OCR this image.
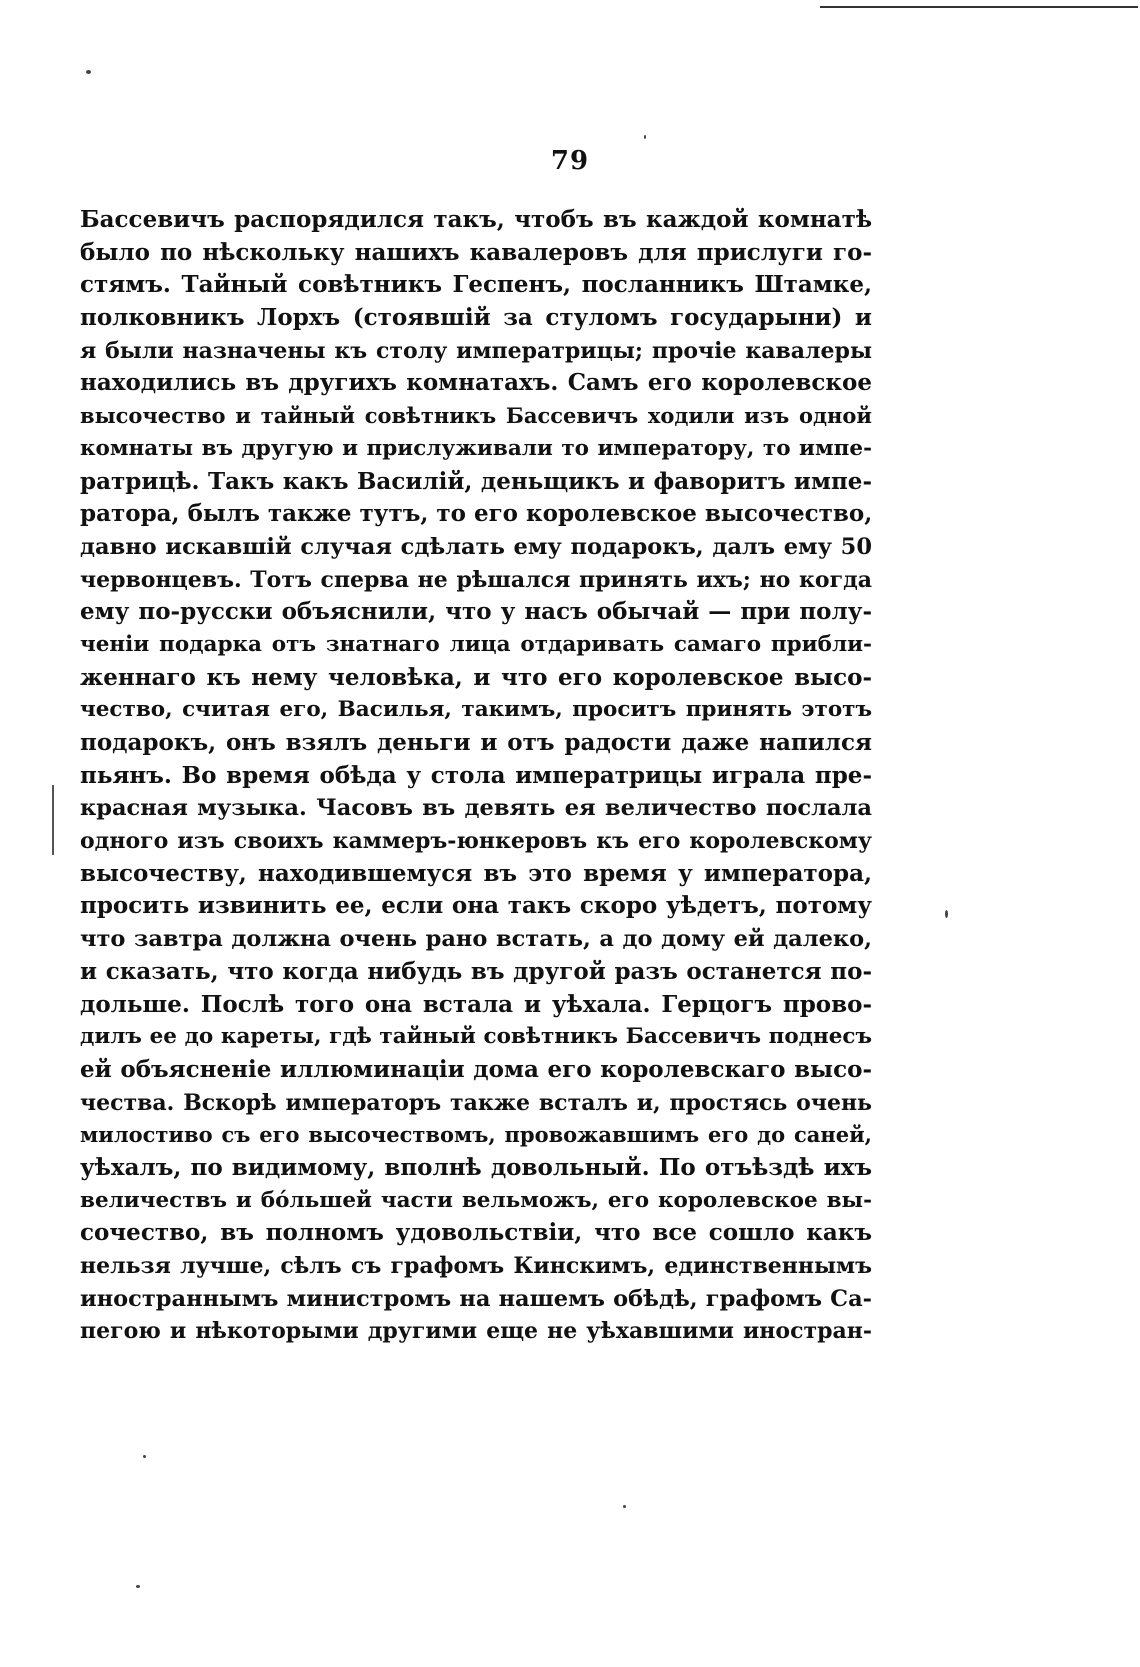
79
Бассевичъ распорядился такъ, чтобъ въ каждой комнатѣ
было по нѣскольку нашихъ кавалеровъ для прислуги го-
стямъ. Тайный совѣтникъ Геспенъ, посланникъ Штамке,
полковникъ Лорхъ (стоявшій за стуломъ государыни) и
я были назначены къ столу императрицы; прочіе кавалеры
находились въ другихъ комнатахъ. Самъ его королевское
высочество и тайный совѣтникъ Бассевичъ ходили изъ одной
комнаты въ другую и прислуживали то императору, то импе-
ратрицѣ. Такъ какъ Василій, деньщикъ и фаворитъ импе-
ратора, былъ также тутъ, то его королевское высочество,
давно искавшій случая сдѣлать ему подарокъ, далъ ему 50
червонцевъ. Тотъ сперва не рѣшался принять ихъ; но когда
ему по-русски объяснили, что у насъ обычай — при полу-
ченіи подарка отъ знатнаго лица отдаривать самаго прибли-
женнаго къ нему человѣка, и что его королевское высо-
чество, считая его, Василья, такимъ, проситъ принять этотъ
подарокъ, онъ взялъ деньги и отъ радости даже напился
пьянъ. Во время обѣда у стола императрицы играла пре-
красная музыка. Часовъ въ девять ея величество послала
одного изъ своихъ каммеръ-юнкеровъ къ его королевскому
высочеству, находившемуся въ это время у императора,
просить извинить ее, если она такъ скоро уѣдетъ, потому
что завтра должна очень рано встать, а до дому ей далеко,
и сказать, что когда нибудь въ другой разъ останется по-
дольше. Послѣ того она встала и уѣхала. Герцогъ прово-
дилъ ее до кареты, гдѣ тайный совѣтникъ Бассевичъ поднесъ
ей объясненіе иллюминаціи дома его королевскаго высо-
чества. Вскорѣ императоръ также всталъ и, простясь очень
милостиво съ его высочествомъ, провожавшимъ его до саней,
уѣхалъ, по видимому, вполнѣ довольный. По отъѣздѣ ихъ
величествъ и бóльшей части вельможъ, его королевское вы-
сочество, въ полномъ удовольствіи, что все сошло какъ
нельзя лучше, сѣлъ съ графомъ Кинскимъ, единственнымъ
иностраннымъ министромъ на нашемъ обѣдѣ, графомъ Са-
пегою и нѣкоторыми другими еще не уѣхавшими иностран-
